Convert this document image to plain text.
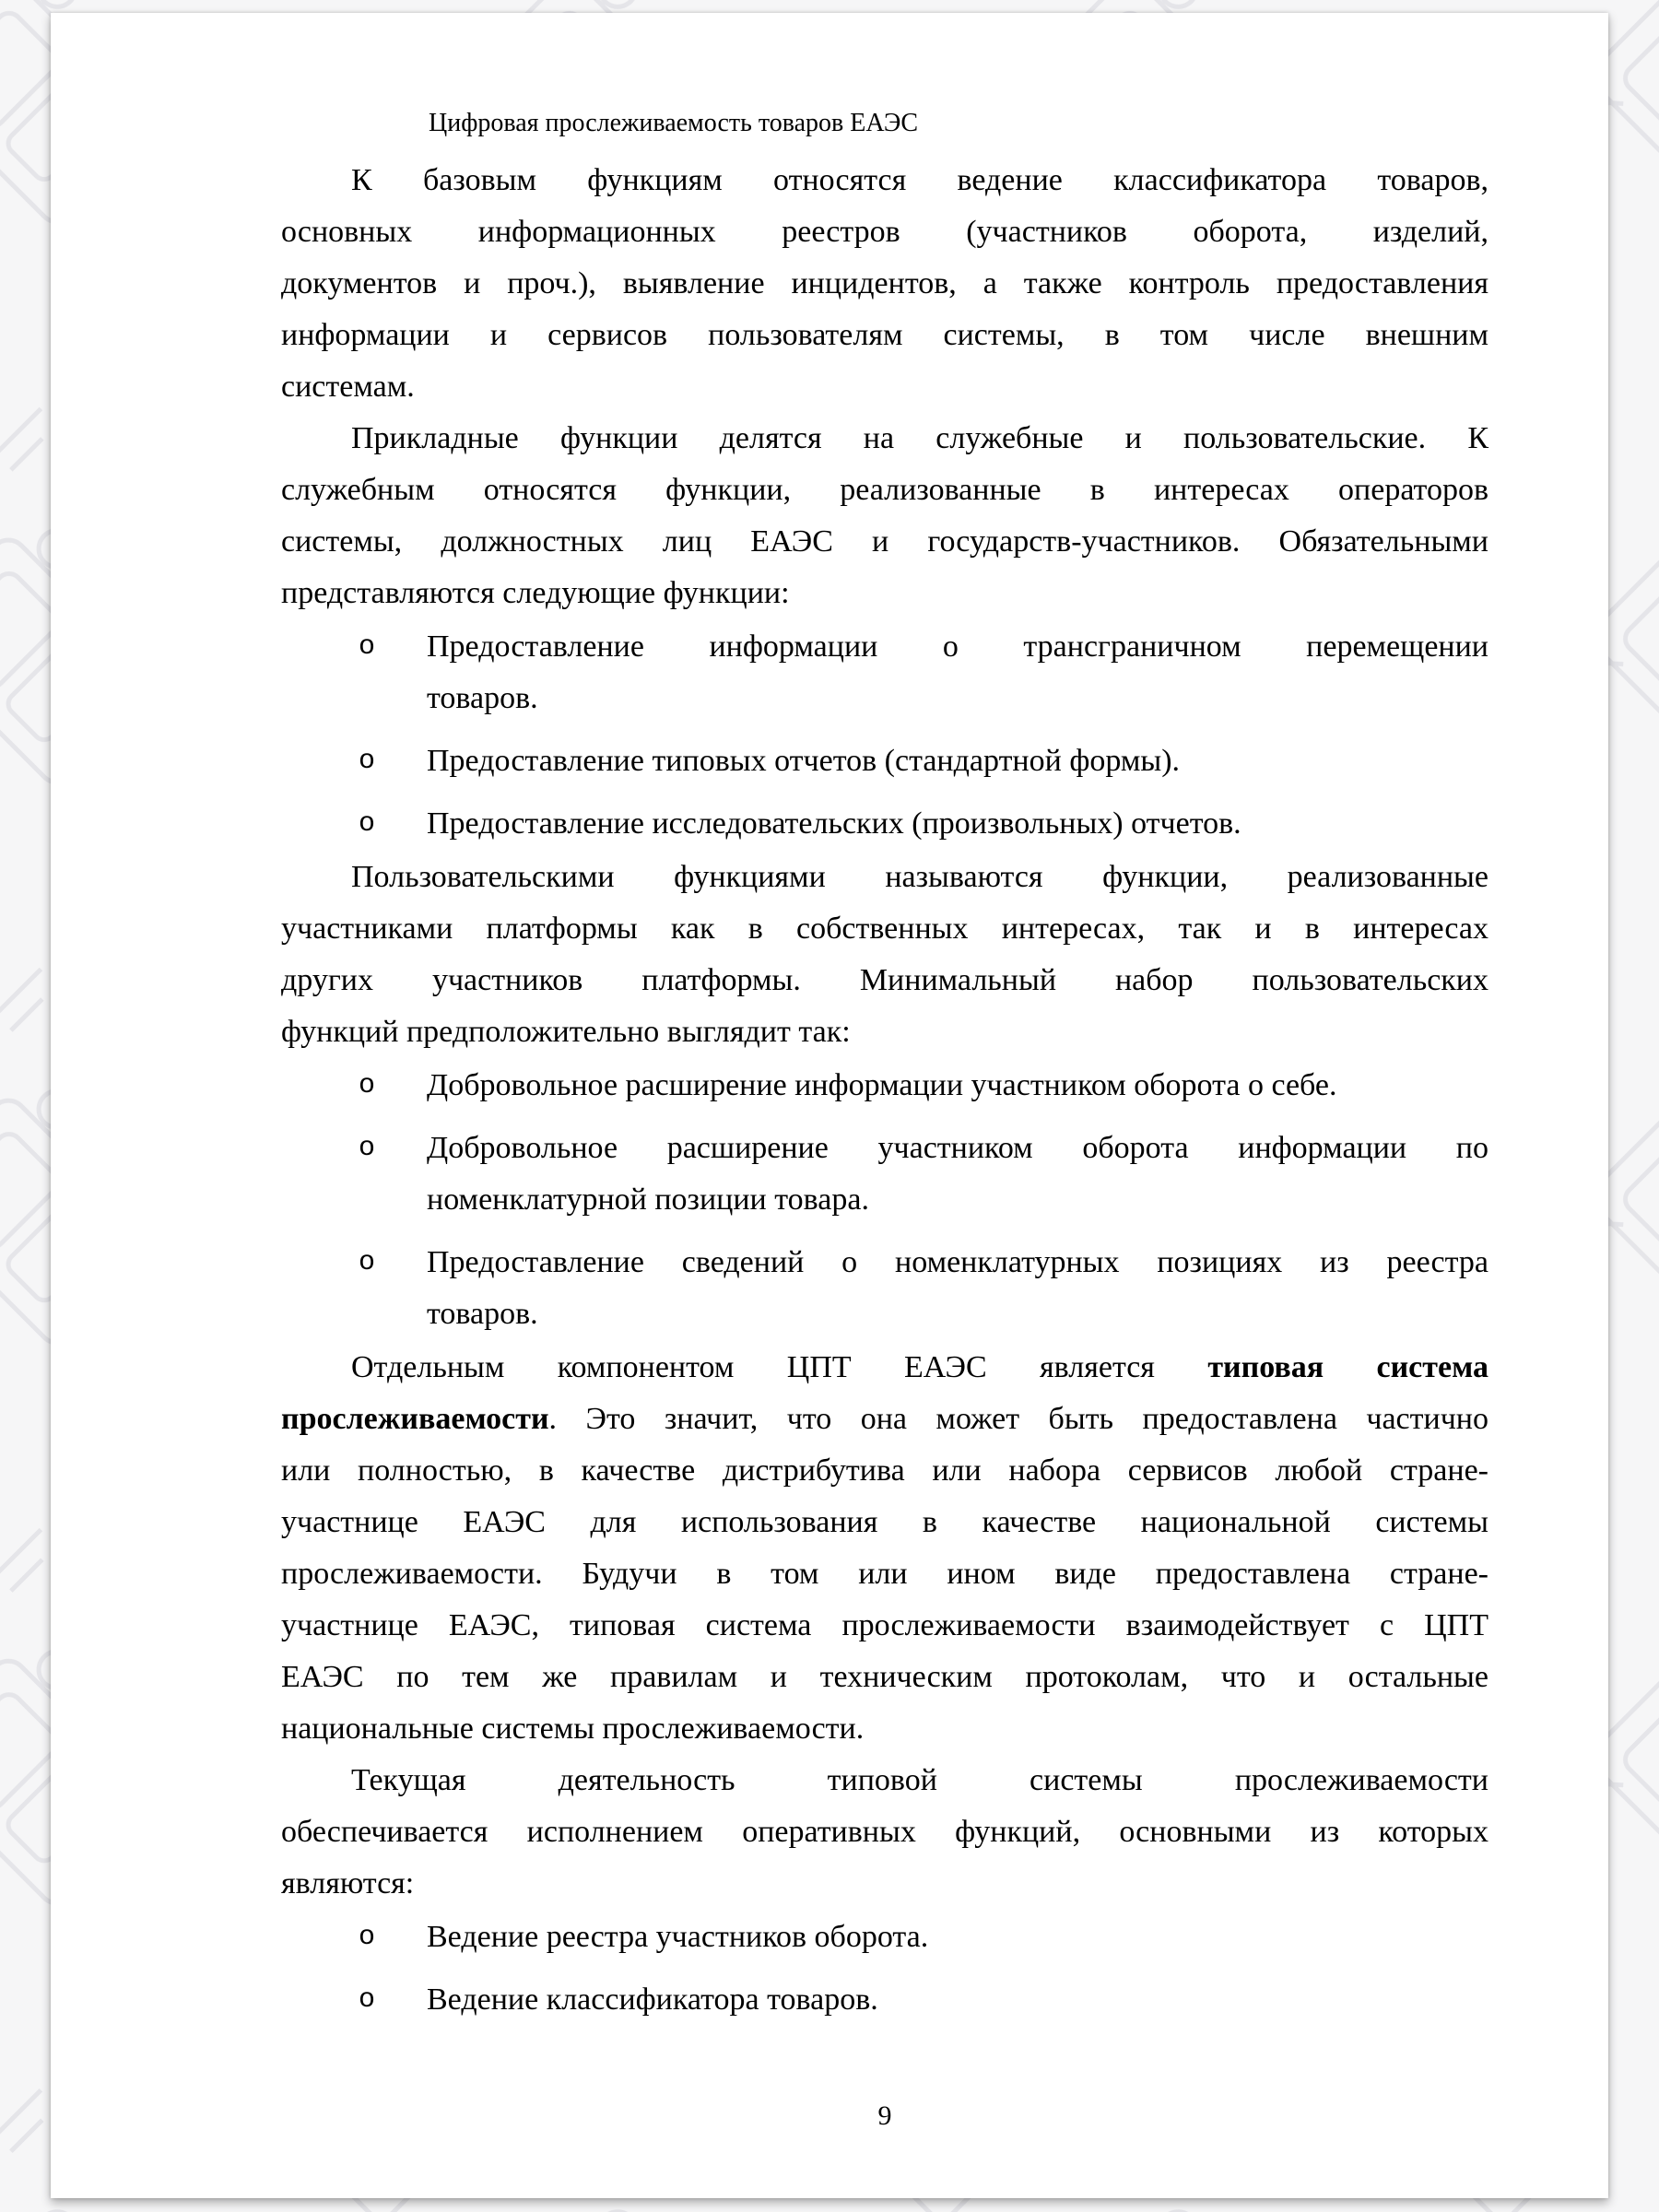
Цифровая прослеживаемость товаров ЕАЭС
К базовым функциям относятся ведение классификатора товаров,
основных информационных реестров (участников оборота, изделий,
документов и проч.), выявление инцидентов, а также контроль предоставления
информации и сервисов пользователям системы, в том числе внешним
системам.
Прикладные функции делятся на служебные и пользовательские. К
служебным относятся функции, реализованные в интересах операторов
системы, должностных лиц ЕАЭС и государств-участников. Обязательными
представляются следующие функции:
o Предоставление информации о трансграничном перемещении
товаров.
o Предоставление типовых отчетов (стандартной формы).
o Предоставление исследовательских (произвольных) отчетов.
Пользовательскими функциями называются функции, реализованные
участниками платформы как в собственных интересах, так и в интересах
других участников платформы. Минимальный набор пользовательских
функций предположительно выглядит так:
o Добровольное расширение информации участником оборота о себе.
o Добровольное расширение участником оборота информации по
номенклатурной позиции товара.
o Предоставление сведений о номенклатурных позициях из реестра
товаров.
Отдельным компонентом ЦПТ ЕАЭС является типовая система
прослеживаемости. Это значит, что она может быть предоставлена частично
или полностью, в качестве дистрибутива или набора сервисов любой стране-
участнице ЕАЭС для использования в качестве национальной системы
прослеживаемости. Будучи в том или ином виде предоставлена стране-
участнице ЕАЭС, типовая система прослеживаемости взаимодействует с ЦПТ
ЕАЭС по тем же правилам и техническим протоколам, что и остальные
национальные системы прослеживаемости.
Текущая деятельность типовой системы прослеживаемости
обеспечивается исполнением оперативных функций, основными из которых
являются:
o Ведение реестра участников оборота.
o Ведение классификатора товаров.
9
